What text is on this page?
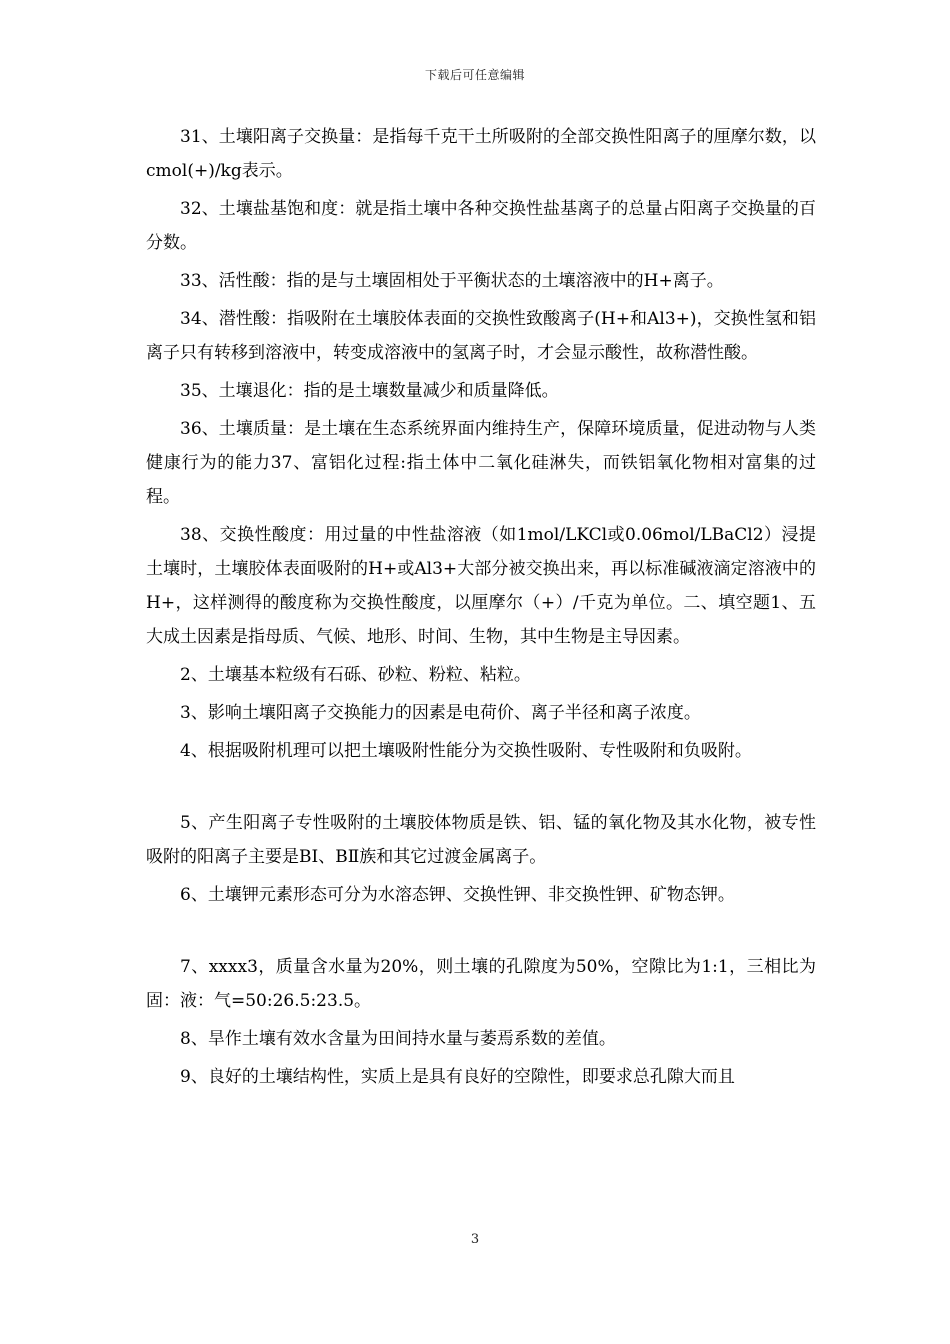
下载后可任意编辑

31、土壤阳离子交换量：是指每千克干土所吸附的全部交换性阳离子的厘摩尔数，以cmol(+)/kg表示。

32、土壤盐基饱和度：就是指土壤中各种交换性盐基离子的总量占阳离子交换量的百分数。

33、活性酸：指的是与土壤固相处于平衡状态的土壤溶液中的H+离子。

34、潜性酸：指吸附在土壤胶体表面的交换性致酸离子(H+和Al3+)，交换性氢和铝离子只有转移到溶液中，转变成溶液中的氢离子时，才会显示酸性，故称潜性酸。

35、土壤退化：指的是土壤数量减少和质量降低。

36、土壤质量：是土壤在生态系统界面内维持生产，保障环境质量，促进动物与人类健康行为的能力37、富铝化过程:指土体中二氧化硅淋失，而铁铝氧化物相对富集的过程。

38、交换性酸度：用过量的中性盐溶液（如1mol/LKCl或0.06mol/LBaCl2）浸提土壤时，土壤胶体表面吸附的H+或Al3+大部分被交换出来，再以标准碱液滴定溶液中的H+，这样测得的酸度称为交换性酸度，以厘摩尔（+）/千克为单位。二、填空题1、五大成土因素是指母质、气候、地形、时间、生物，其中生物是主导因素。

2、土壤基本粒级有石砾、砂粒、粉粒、粘粒。

3、影响土壤阳离子交换能力的因素是电荷价、离子半径和离子浓度。

4、根据吸附机理可以把土壤吸附性能分为交换性吸附、专性吸附和负吸附。

5、产生阳离子专性吸附的土壤胶体物质是铁、铝、锰的氧化物及其水化物，被专性吸附的阳离子主要是BⅠ、BⅡ族和其它过渡金属离子。

6、土壤钾元素形态可分为水溶态钾、交换性钾、非交换性钾、矿物态钾。

7、xxxx3，质量含水量为20%，则土壤的孔隙度为50%，空隙比为1:1，三相比为固：液：气=50:26.5:23.5。

8、旱作土壤有效水含量为田间持水量与萎焉系数的差值。

9、良好的土壤结构性，实质上是具有良好的空隙性，即要求总孔隙大而且

3
